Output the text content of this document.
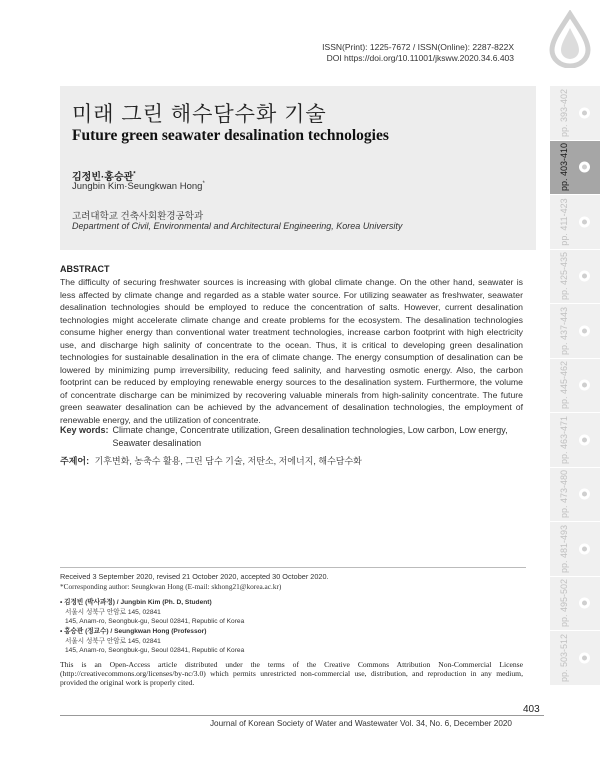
ISSN(Print): 1225-7672 / ISSN(Online): 2287-822X
DOI https://doi.org/10.11001/jksww.2020.34.6.403
pp. 393-402
pp. 403-410
pp. 411-423
pp. 425-435
pp. 437-443
pp. 445-462
pp. 463-471
pp. 473-480
pp. 481-493
pp. 495-502
pp. 503-512
미래 그린 해수담수화 기술
Future green seawater desalination technologies
김정빈·홍승관*
Jungbin Kim·Seungkwan Hong*
고려대학교 건축사회환경공학과
Department of Civil, Environmental and Architectural Engineering, Korea University
ABSTRACT
The difficulty of securing freshwater sources is increasing with global climate change. On the other hand, seawater is less affected by climate change and regarded as a stable water source. For utilizing seawater as freshwater, seawater desalination technologies should be employed to reduce the concentration of salts. However, current desalination technologies might accelerate climate change and create problems for the ecosystem. The desalination technologies consume higher energy than conventional water treatment technologies, increase carbon footprint with high electricity use, and discharge high salinity of concentrate to the ocean. Thus, it is critical to developing green desalination technologies for sustainable desalination in the era of climate change. The energy consumption of desalination can be lowered by minimizing pump irreversibility, reducing feed salinity, and harvesting osmotic energy. Also, the carbon footprint can be reduced by employing renewable energy sources to the desalination system. Furthermore, the volume of concentrate discharge can be minimized by recovering valuable minerals from high-salinity concentrate. The future green seawater desalination can be achieved by the advancement of desalination technologies, the employment of renewable energy, and the utilization of concentrate.
Key words: Climate change, Concentrate utilization, Green desalination technologies, Low carbon, Low energy, Seawater desalination
주제어: 기후변화, 농축수 활용, 그린 담수 기술, 저탄소, 저에너지, 해수담수화
Received 3 September 2020, revised 21 October 2020, accepted 30 October 2020.
*Corresponding author: Seungkwan Hong (E-mail: skhong21@korea.ac.kr)
• 김정빈 (박사과정) / Jungbin Kim (Ph. D, Student)
서울시 성북구 안암로 145, 02841
145, Anam-ro, Seongbuk-gu, Seoul 02841, Republic of Korea
• 홍승관 (정교수) / Seungkwan Hong (Professor)
서울시 성북구 안암로 145, 02841
145, Anam-ro, Seongbuk-gu, Seoul 02841, Republic of Korea
This is an Open-Access article distributed under the terms of the Creative Commons Attribution Non-Commercial License (http://creativecommons.org/licenses/by-nc/3.0) which permits unrestricted non-commercial use, distribution, and reproduction in any medium, provided the original work is properly cited.
403
Journal of Korean Society of Water and Wastewater Vol. 34, No. 6, December 2020
